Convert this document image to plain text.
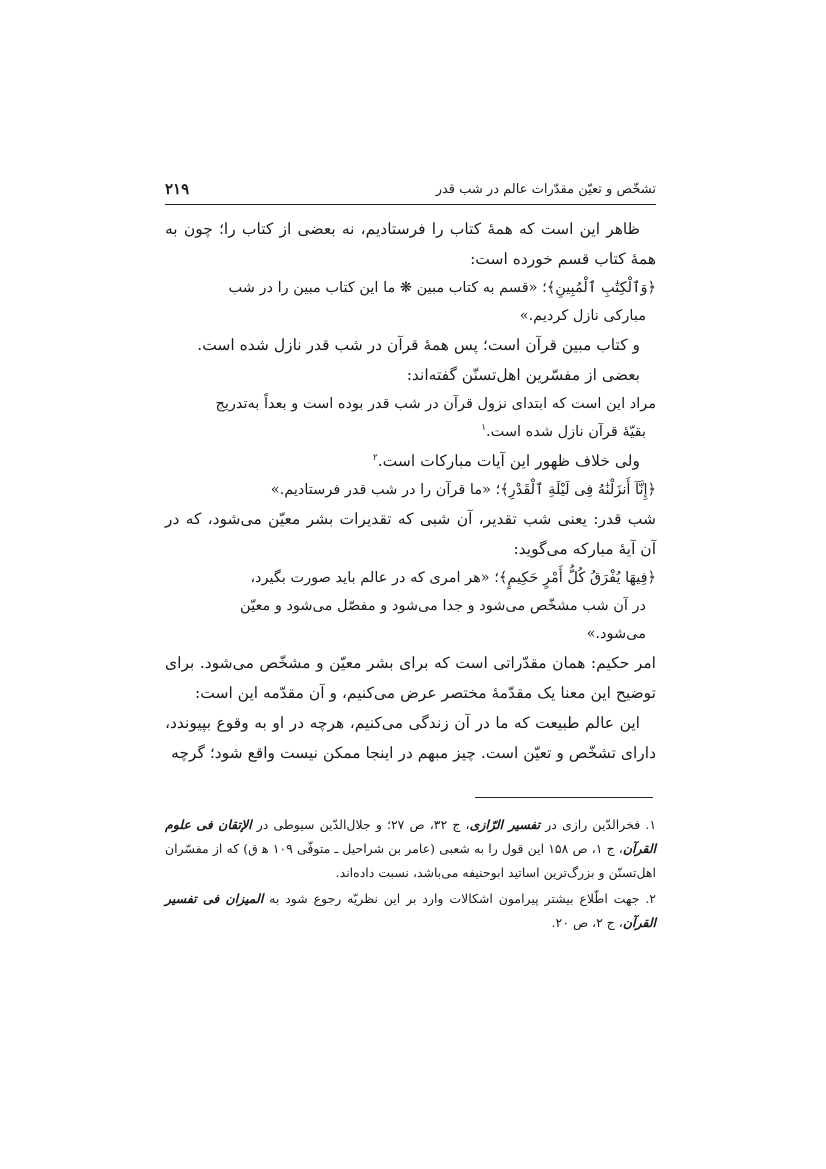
تشخّص و تعیّن مقدّرات عالم در شب قدر
۲۱۹

ظاهر این است که همهٔ کتاب را فرستادیم، نه بعضی از کتاب را؛ چون به همهٔ کتاب قسم خورده است:

﴿وَٱلْكِتَٰبِ ٱلْمُبِينِ﴾؛ «قسم به کتاب مبین ❋ ما این کتاب مبین را در شب
مبارکی نازل کردیم.»

و کتاب مبین قرآن است؛ پس همهٔ قرآن در شب قدر نازل شده است.

بعضی از مفسّرین اهل‌تسنّن گفته‌اند:

مراد این است که ابتدای نزول قرآن در شب قدر بوده است و بعداً به‌تدریج
بقیّهٔ قرآن نازل شده است.$^۱$

ولی خلاف ظهور این آیات مبارکات است.$^۲$

﴿إِنَّآ أَنزَلْنَٰهُ فِى لَيْلَةِ ٱلْقَدْرِ﴾؛ «ما قرآن را در شب قدر فرستادیم.»

شب قدر: یعنی شب تقدیر، آن شبی که تقدیرات بشر معیّن می‌شود، که در آن آیهٔ مبارکه می‌گوید:

﴿فِيهَا يُفْرَقُ كُلُّ أَمْرٍ حَكِيمٍ﴾؛ «هر امری که در عالم باید صورت بگیرد،
در آن شب مشخّص می‌شود و جدا می‌شود و مفصّل می‌شود و معیّن
می‌شود.»

امر حکیم: همان مقدّراتی است که برای بشر معیّن و مشخّص می‌شود. برای توضیح این معنا یک مقدّمهٔ مختصر عرض می‌کنیم، و آن مقدّمه این است:

این عالم طبیعت که ما در آن زندگی می‌کنیم، هرچه در او به وقوع بپیوندد، دارای تشخّص و تعیّن است. چیز مبهم در اینجا ممکن نیست واقع شود؛ گرچه

۱. فخرالدّین رازی در تفسیر الرّازی، ج ۳۲، ص ۲۷؛ و جلال‌الدّین سیوطی در الإتقان فی علوم القرآن، ج ۱، ص ۱۵۸ این قول را به شعبی (عامر بن شراحیل ـ متوفّی ۱۰۹ ه‍ ق) که از مفسّران اهل‌تسنّن و بزرگ‌ترین اساتید ابوحنیفه می‌باشد، نسبت داده‌اند.

۲. جهت اطّلاع بیشتر پیرامون اشکالات وارد بر این نظریّه رجوع شود به المیزان فی تفسیر القرآن، ج ۲، ص ۲۰.
